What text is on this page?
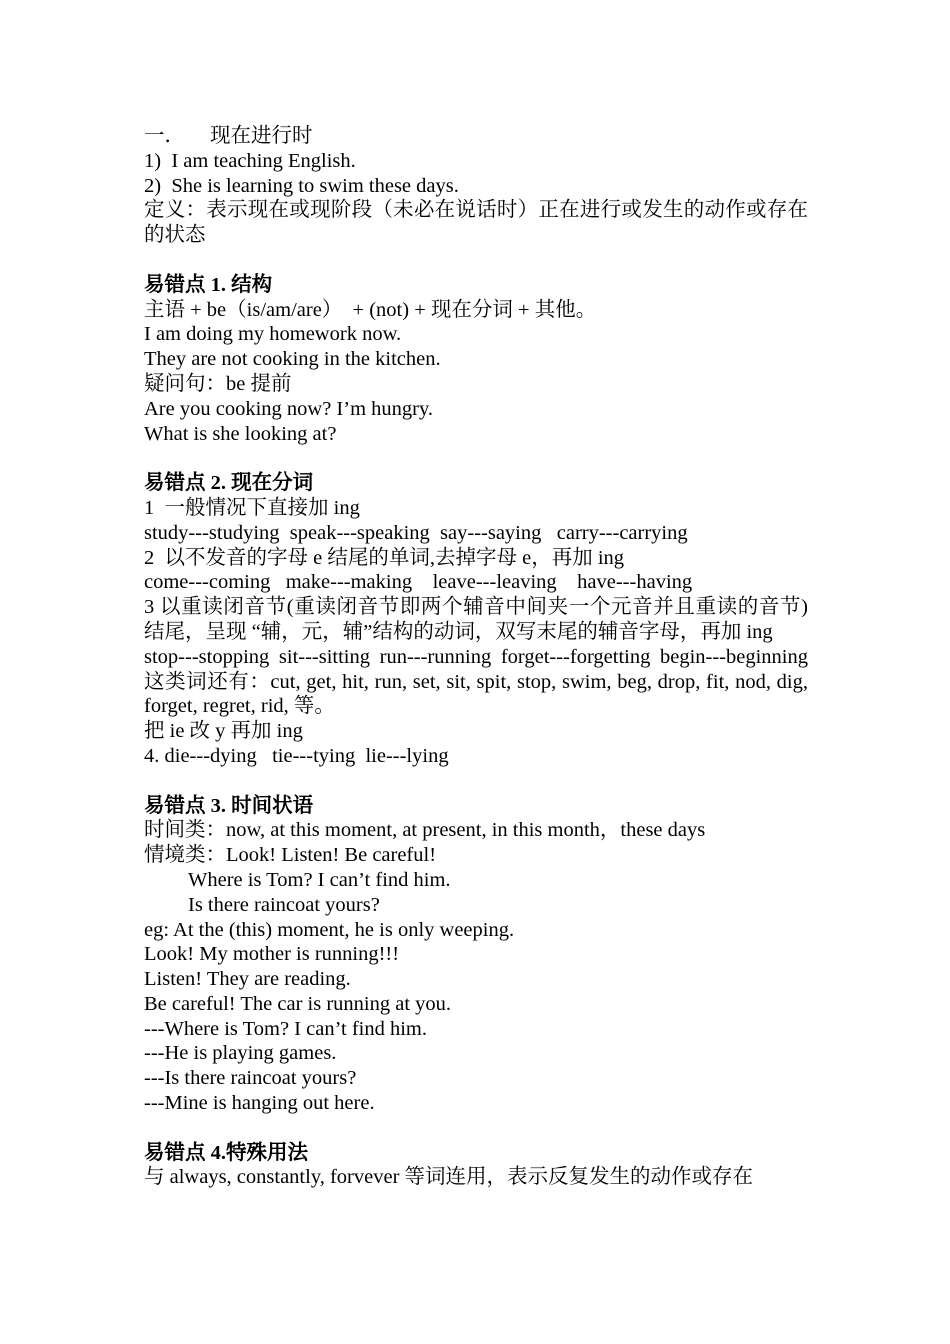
一． 现在进行时

1)  I am teaching English.

2)  She is learning to swim these days.

定义：表示现在或现阶段（未必在说话时）正在进行或发生的动作或存在的状态

易错点 1. 结构

主语 + be（is/am/are）  + (not) + 现在分词 + 其他。

I am doing my homework now.

They are not cooking in the kitchen.

疑问句：be 提前

Are you cooking now? I’m hungry.

What is she looking at?

易错点 2. 现在分词

1  一般情况下直接加 ing

study---studying  speak---speaking  say---saying   carry---carrying

2  以不发音的字母 e 结尾的单词,去掉字母 e，再加 ing

come---coming   make---making    leave---leaving    have---having

3 以重读闭音节(重读闭音节即两个辅音中间夹一个元音并且重读的音节)结尾，呈现 “辅，元，辅”结构的动词，双写末尾的辅音字母，再加 ing

stop---stopping sit---sitting run---running forget---forgetting begin---beginning 这类词还有：cut, get, hit, run, set, sit, spit, stop, swim, beg, drop, fit, nod, dig, forget, regret, rid, 等。

把 ie 改 y 再加 ing

4. die---dying   tie---tying  lie---lying

易错点 3. 时间状语

时间类：now, at this moment, at present, in this month，these days

情境类：Look! Listen! Be careful!

Where is Tom? I can’t find him.

Is there raincoat yours?

eg: At the (this) moment, he is only weeping.

Look! My mother is running!!!

Listen! They are reading.

Be careful! The car is running at you.

---Where is Tom? I can’t find him.

---He is playing games.

---Is there raincoat yours?

---Mine is hanging out here.

易错点 4.特殊用法

与 always, constantly, forvever 等词连用，表示反复发生的动作或存在
